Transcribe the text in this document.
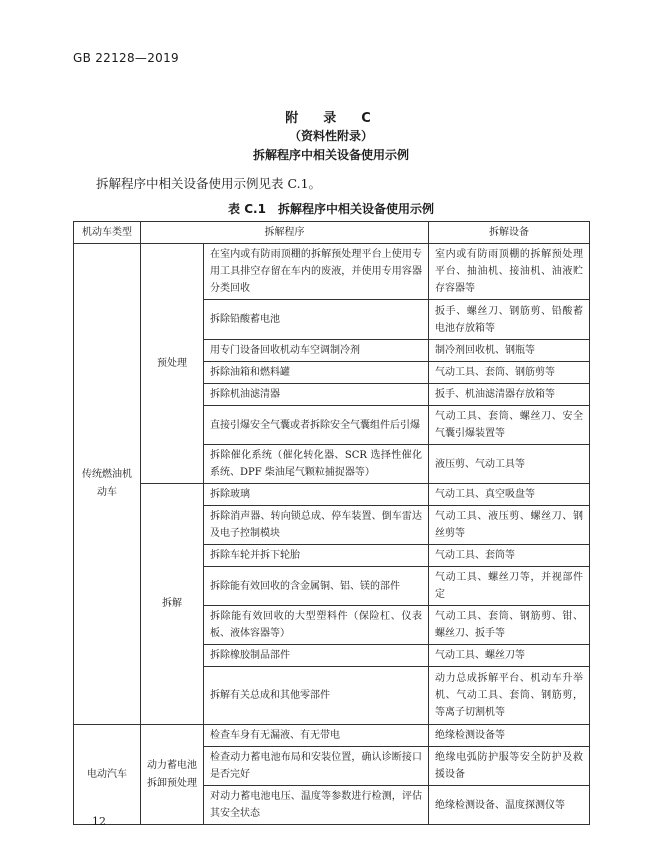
GB 22128—2019
附　录　C
（资料性附录）
拆解程序中相关设备使用示例
拆解程序中相关设备使用示例见表 C.1。
表 C.1　拆解程序中相关设备使用示例
机动车类型	拆解程序		拆解设备
传统燃油机动车	预处理	在室内或有防雨顶棚的拆解预处理平台上使用专用工具排空存留在车内的废液，并使用专用容器分类回收	室内或有防雨顶棚的拆解预处理平台、抽油机、接油机、油液贮存容器等
		拆除铅酸蓄电池	扳手、螺丝刀、钢筋剪、铅酸蓄电池存放箱等
		用专门设备回收机动车空调制冷剂	制冷剂回收机、钢瓶等
		拆除油箱和燃料罐	气动工具、套筒、钢筋剪等
		拆除机油滤清器	扳手、机油滤清器存放箱等
		直接引爆安全气囊或者拆除安全气囊组件后引爆	气动工具、套筒、螺丝刀、安全气囊引爆装置等
		拆除催化系统（催化转化器、SCR 选择性催化系统、DPF 柴油尾气颗粒捕捉器等）	液压剪、气动工具等
	拆解	拆除玻璃	气动工具、真空吸盘等
		拆除消声器、转向锁总成、停车装置、倒车雷达及电子控制模块	气动工具、液压剪、螺丝刀、钢丝剪等
		拆除车轮并拆下轮胎	气动工具、套筒等
		拆除能有效回收的含金属铜、铝、镁的部件	气动工具、螺丝刀等，并视部件定
		拆除能有效回收的大型塑料件（保险杠、仪表板、液体容器等）	气动工具、套筒、钢筋剪、钳、螺丝刀、扳手等
		拆除橡胶制品部件	气动工具、螺丝刀等
		拆解有关总成和其他零部件	动力总成拆解平台、机动车升举机、气动工具、套筒、钢筋剪，等离子切割机等
电动汽车	动力蓄电池拆卸预处理	检查车身有无漏液、有无带电	绝缘检测设备等
		检查动力蓄电池布局和安装位置，确认诊断接口是否完好	绝缘电弧防护服等安全防护及救援设备
		对动力蓄电池电压、温度等参数进行检测，评估其安全状态	绝缘检测设备、温度探测仪等
12
